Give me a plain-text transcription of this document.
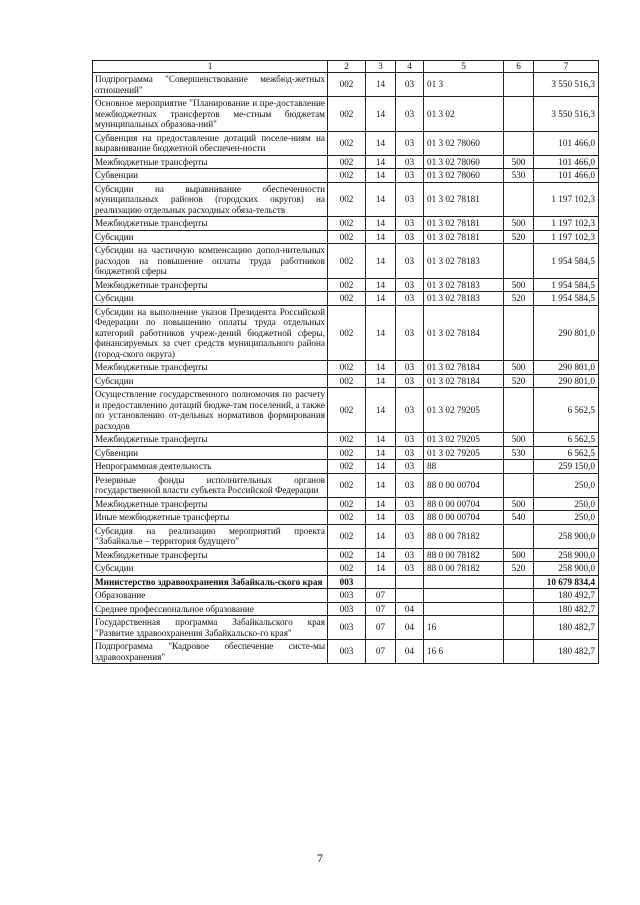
1	2	3	4	5	6	7
Подпрограмма "Совершенствование межбюд-жетных отношений"	002	14	03	01 3		3 550 516,3
Основное мероприятие "Планирование и пре-доставление межбюджетных трансфертов ме-стным бюджетам муниципальных образова-ний"	002	14	03	01 3 02		3 550 516,3
Субвенция на предоставление дотаций поселе-ниям на выравнивание бюджетной обеспечен-ности	002	14	03	01 3 02 78060		101 466,0
Межбюджетные трансферты	002	14	03	01 3 02 78060	500	101 466,0
Субвенции	002	14	03	01 3 02 78060	530	101 466,0
Субсидии на выравнивание обеспеченности муниципальных районов (городских округов) на реализацию отдельных расходных обяза-тельств	002	14	03	01 3 02 78181		1 197 102,3
Межбюджетные трансферты	002	14	03	01 3 02 78181	500	1 197 102,3
Субсидии	002	14	03	01 3 02 78181	520	1 197 102,3
Субсидии на частичную компенсацию допол-нительных расходов на повышение оплаты труда работников бюджетной сферы	002	14	03	01 3 02 78183		1 954 584,5
Межбюджетные трансферты	002	14	03	01 3 02 78183	500	1 954 584,5
Субсидии	002	14	03	01 3 02 78183	520	1 954 584,5
Субсидии на выполнение указов Президента Российской Федерации по повышению оплаты труда отдельных категорий работников учреж-дений бюджетной сферы, финансируемых за счет средств муниципального района (город-ского округа)	002	14	03	01 3 02 78184		290 801,0
Межбюджетные трансферты	002	14	03	01 3 02 78184	500	290 801,0
Субсидии	002	14	03	01 3 02 78184	520	290 801,0
Осуществление государственного полномочия по расчету и предоставлению дотаций бюдже-там поселений, а также по установлению от-дельных нормативов формирования расходов	002	14	03	01 3 02 79205		6 562,5
Межбюджетные трансферты	002	14	03	01 3 02 79205	500	6 562,5
Субвенции	002	14	03	01 3 02 79205	530	6 562,5
Непрограммная деятельность	002	14	03	88		259 150,0
Резервные фонды исполнительных органов государственной власти субъекта Российской Федерации	002	14	03	88 0 00 00704		250,0
Межбюджетные трансферты	002	14	03	88 0 00 00704	500	250,0
Иные межбюджетные трансферты	002	14	03	88 0 00 00704	540	250,0
Субсидия на реализацию мероприятий проекта "Забайкалье – территория будущего"	002	14	03	88 0 00 78182		258 900,0
Межбюджетные трансферты	002	14	03	88 0 00 78182	500	258 900,0
Субсидии	002	14	03	88 0 00 78182	520	258 900,0
Министерство здравоохранения Забайкаль-ского края	003					10 679 834,4
Образование	003	07				180 492,7
Среднее профессиональное образование	003	07	04			180 482,7
Государственная программа Забайкальского края "Развитие здравоохранения Забайкальско-го края"	003	07	04	16		180 482,7
Подпрограмма "Кадровое обеспечение систе-мы здравоохранения"	003	07	04	16 6		180 482,7
7
